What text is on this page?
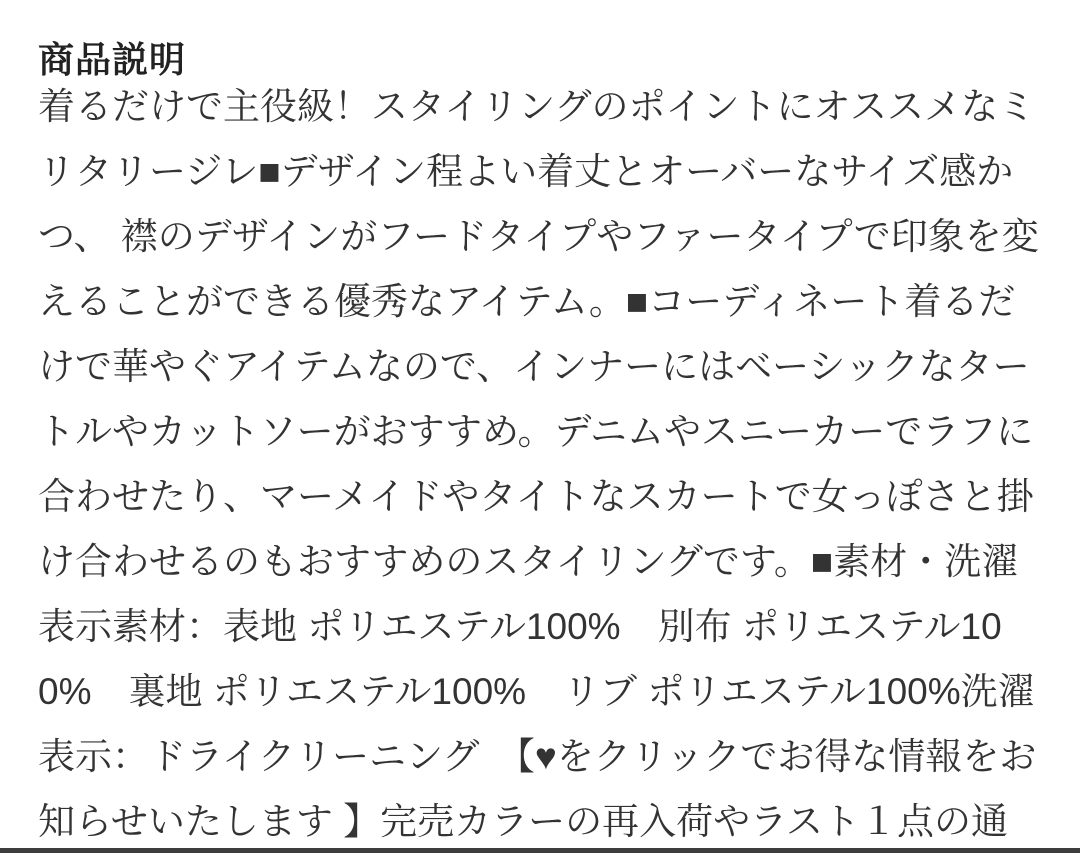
商品説明
着るだけで主役級！スタイリングのポイントにオススメなミリタリージレ■デザイン程よい着丈とオーバーなサイズ感かつ、 襟のデザインがフードタイプやファータイプで印象を変えることができる優秀なアイテム。■コーディネート着るだけで華やぐアイテムなので、インナーにはベーシックなタートルやカットソーがおすすめ。デニムやスニーカーでラフに合わせたり、マーメイドやタイトなスカートで女っぽさと掛け合わせるのもおすすめのスタイリングです。■素材・洗濯表示素材：表地 ポリエステル100%　別布 ポリエステル100%　裏地 ポリエステル100%　リブ ポリエステル100%洗濯表示：ドライクリーニング　【♥をクリックでお得な情報をお知らせいたします 】完売カラーの再入荷やラスト１点の通
